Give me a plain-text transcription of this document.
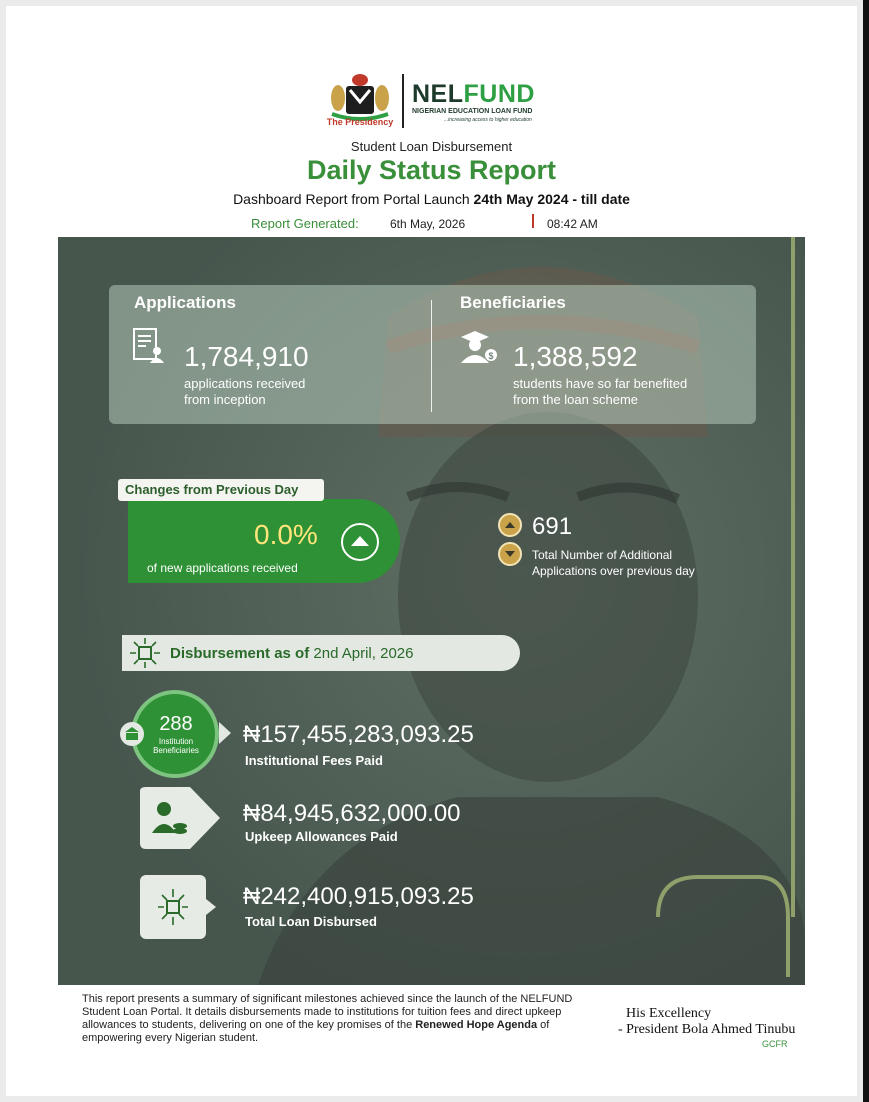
The Presidency
NELFUND
NIGERIAN EDUCATION LOAN FUND
...increasing access to higher education
Student Loan Disbursement
Daily Status Report
Dashboard Report from Portal Launch 24th May 2024 - till date
Report Generated:	6th May, 2026	08:42 AM
Applications
1,784,910
applications received
from inception
Beneficiaries
$ 1,388,592
students have so far benefited
from the loan scheme
0.0%
of new applications received
Changes from Previous Day
691
Total Number of Additional
Applications over previous day
Disbursement as of 2nd April, 2026
288
Institution
Beneficiaries
₦157,455,283,093.25
Institutional Fees Paid
₦84,945,632,000.00
Upkeep Allowances Paid
₦242,400,915,093.25
Total Loan Disbursed
This report presents a summary of significant milestones achieved since the launch of the NELFUND Student Loan Portal. It details disbursements made to institutions for tuition fees and direct upkeep allowances to students, delivering on one of the key promises of the Renewed Hope Agenda of empowering every Nigerian student.
His Excellency
- President Bola Ahmed Tinubu
GCFR
